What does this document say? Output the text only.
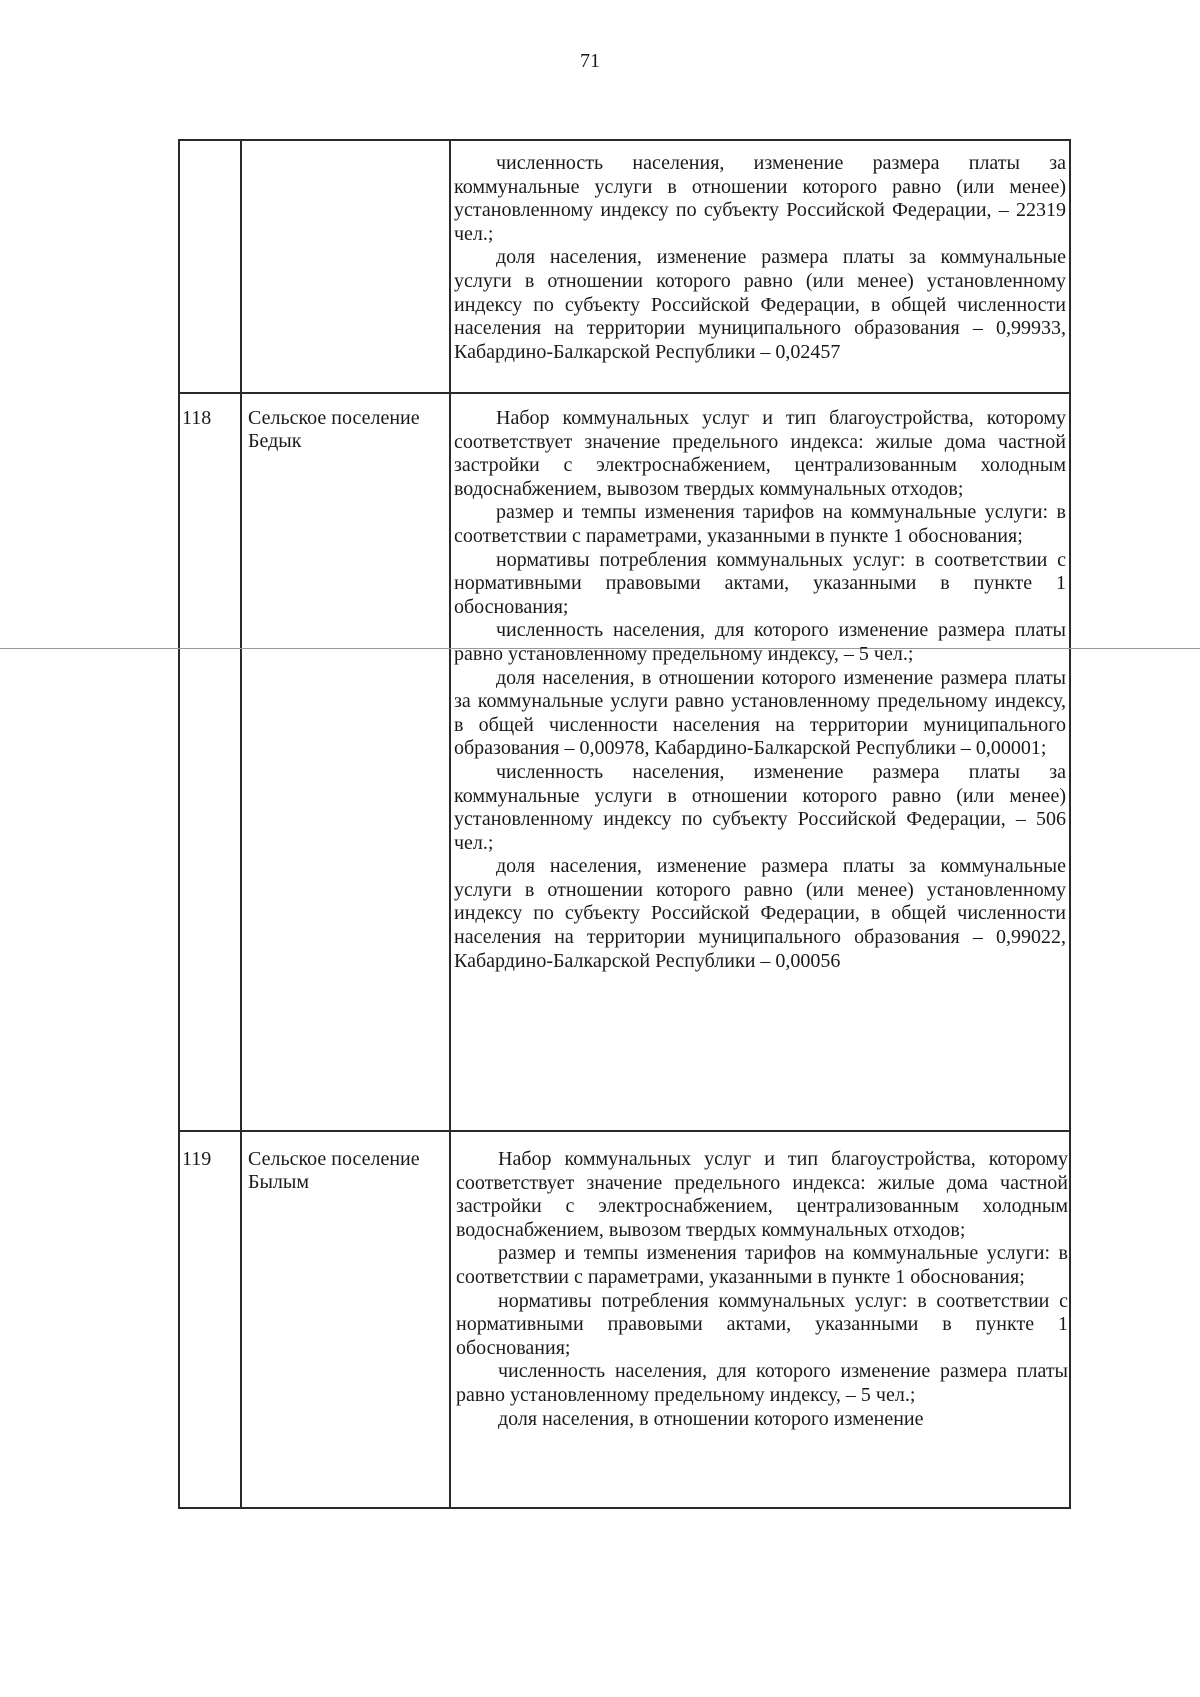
71

численность населения, изменение размера платы за коммунальные услуги в отношении которого равно (или менее) установленному индексу по субъекту Российской Федерации, – 22319 чел.;

доля населения, изменение размера платы за коммунальные услуги в отношении которого равно (или менее) установленному индексу по субъекту Российской Федерации, в общей численности населения на территории муниципального образования – 0,99933, Кабардино-Балкарской Республики – 0,02457

118	Сельское поселение Бедык

Набор коммунальных услуг и тип благоустройства, которому соответствует значение предельного индекса: жилые дома частной застройки с электроснабжением, централизованным холодным водоснабжением, вывозом твердых коммунальных отходов;

размер и темпы изменения тарифов на коммунальные услуги: в соответствии с параметрами, указанными в пункте 1 обоснования;

нормативы потребления коммунальных услуг: в соответствии с нормативными правовыми актами, указанными в пункте 1 обоснования;

численность населения, для которого изменение размера платы равно установленному предельному индексу, – 5 чел.;

доля населения, в отношении которого изменение размера платы за коммунальные услуги равно установленному предельному индексу, в общей численности населения на территории муниципального образования – 0,00978, Кабардино-Балкарской Республики – 0,00001;

численность населения, изменение размера платы за коммунальные услуги в отношении которого равно (или менее) установленному индексу по субъекту Российской Федерации, – 506 чел.;

доля населения, изменение размера платы за коммунальные услуги в отношении которого равно (или менее) установленному индексу по субъекту Российской Федерации, в общей численности населения на территории муниципального образования – 0,99022, Кабардино-Балкарской Республики – 0,00056

119	Сельское поселение Былым

Набор коммунальных услуг и тип благоустройства, которому соответствует значение предельного индекса: жилые дома частной застройки с электроснабжением, централизованным холодным водоснабжением, вывозом твердых коммунальных отходов;

размер и темпы изменения тарифов на коммунальные услуги: в соответствии с параметрами, указанными в пункте 1 обоснования;

нормативы потребления коммунальных услуг: в соответствии с нормативными правовыми актами, указанными в пункте 1 обоснования;

численность населения, для которого изменение размера платы равно установленному предельному индексу, – 5 чел.;

доля населения, в отношении которого изменение
